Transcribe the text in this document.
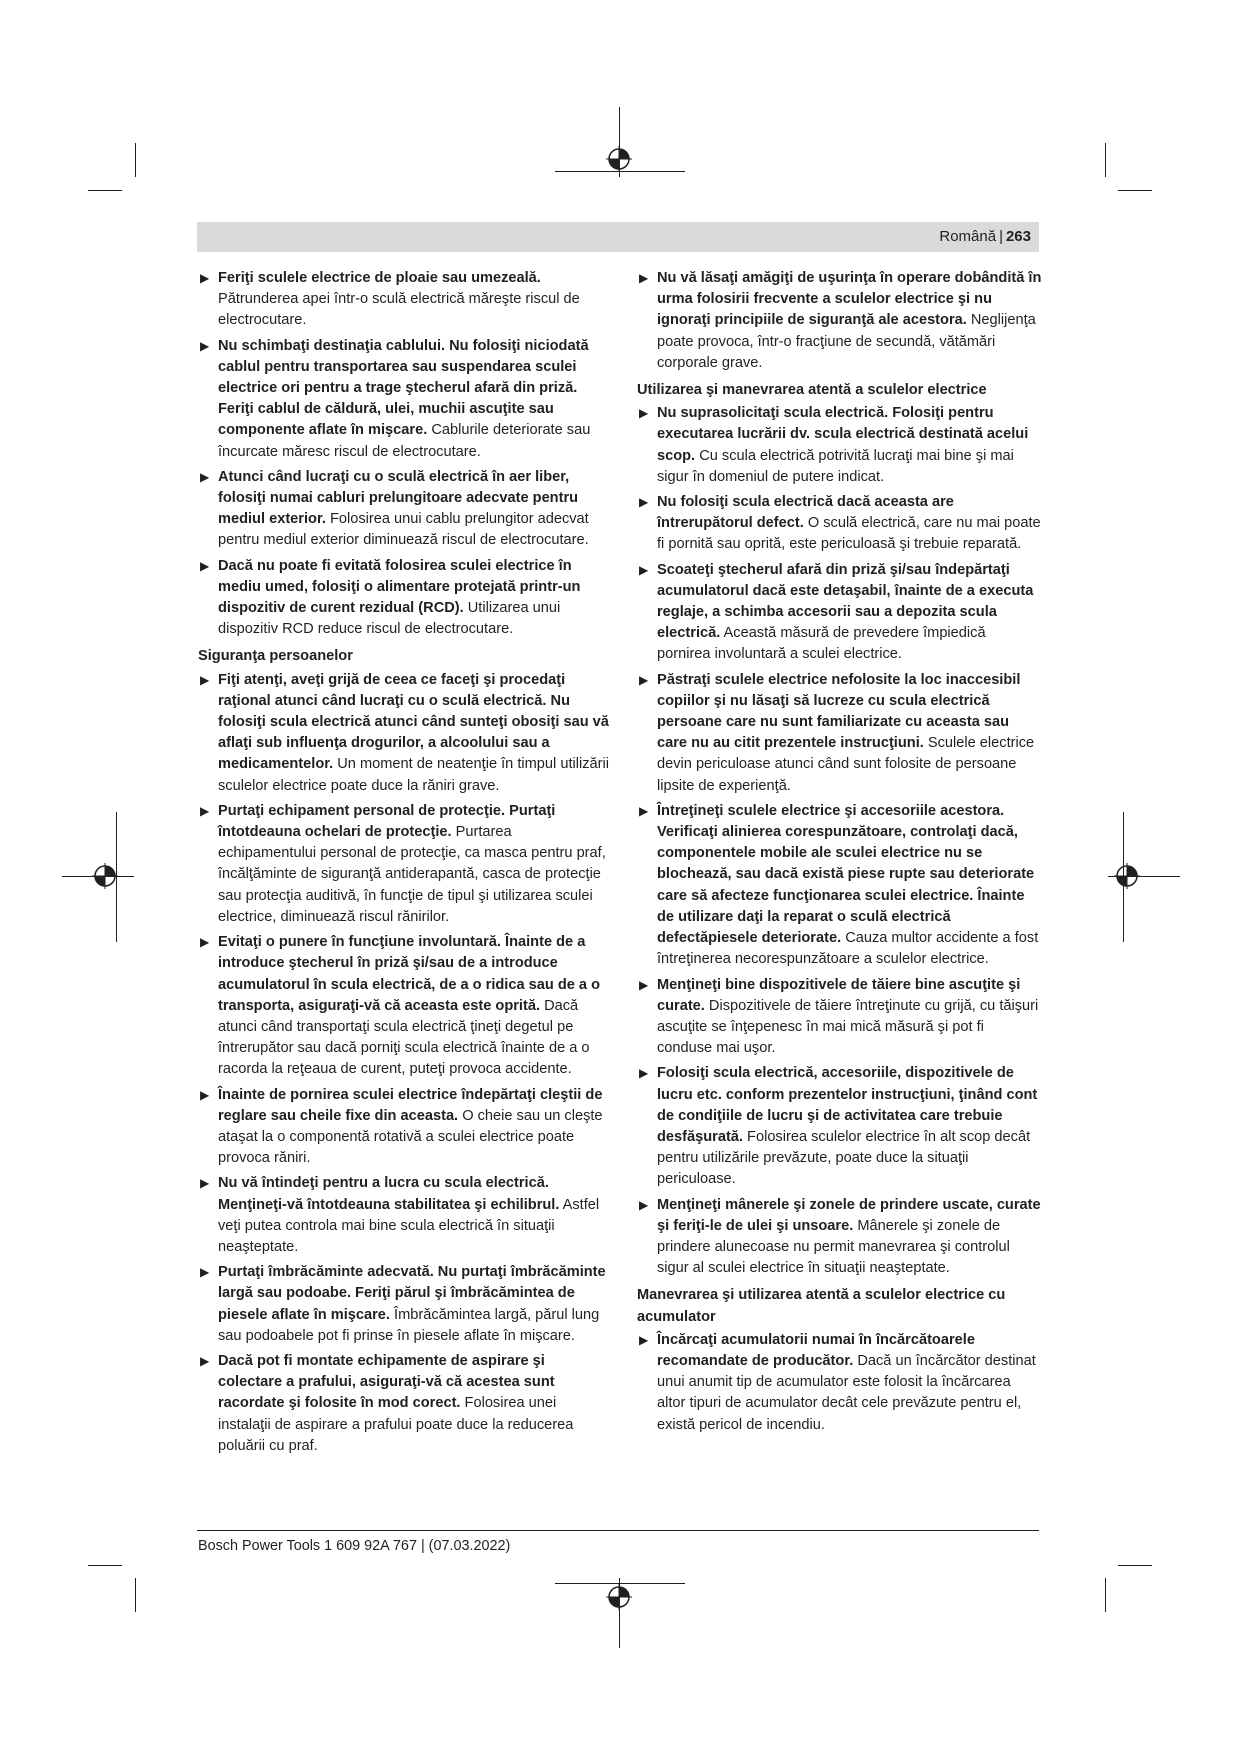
Română | 263
▶ Feriţi sculele electrice de ploaie sau umezeală. Pătrunderea apei într-o sculă electrică măreşte riscul de electrocutare.
▶ Nu schimbaţi destinaţia cablului. Nu folosiţi niciodată cablul pentru transportarea sau suspendarea sculei electrice ori pentru a trage ştecherul afară din priză. Feriţi cablul de căldură, ulei, muchii ascuţite sau componente aflate în mişcare. Cablurile deteriorate sau încurcate măresc riscul de electrocutare.
▶ Atunci când lucraţi cu o sculă electrică în aer liber, folosiţi numai cabluri prelungitoare adecvate pentru mediul exterior. Folosirea unui cablu prelungitor adecvat pentru mediul exterior diminuează riscul de electrocutare.
▶ Dacă nu poate fi evitată folosirea sculei electrice în mediu umed, folosiţi o alimentare protejată printr-un dispozitiv de curent rezidual (RCD). Utilizarea unui dispozitiv RCD reduce riscul de electrocutare.
Siguranţa persoanelor
▶ Fiţi atenţi, aveţi grijă de ceea ce faceţi şi procedaţi raţional atunci când lucraţi cu o sculă electrică. Nu folosiţi scula electrică atunci când sunteţi obosiţi sau vă aflaţi sub influenţa drogurilor, a alcoolului sau a medicamentelor. Un moment de neatenţie în timpul utilizării sculelor electrice poate duce la răniri grave.
▶ Purtaţi echipament personal de protecţie. Purtaţi întotdeauna ochelari de protecţie. Purtarea echipamentului personal de protecţie, ca masca pentru praf, încălţăminte de siguranţă antiderapantă, casca de protecţie sau protecţia auditivă, în funcţie de tipul şi utilizarea sculei electrice, diminuează riscul rănirilor.
▶ Evitaţi o punere în funcţiune involuntară. Înainte de a introduce ştecherul în priză şi/sau de a introduce acumulatorul în scula electrică, de a o ridica sau de a o transporta, asiguraţi-vă că aceasta este oprită. Dacă atunci când transportaţi scula electrică ţineţi degetul pe întrerupător sau dacă porniţi scula electrică înainte de a o racorda la reţeaua de curent, puteţi provoca accidente.
▶ Înainte de pornirea sculei electrice îndepărtaţi cleştii de reglare sau cheile fixe din aceasta. O cheie sau un cleşte ataşat la o componentă rotativă a sculei electrice poate provoca răniri.
▶ Nu vă întindeţi pentru a lucra cu scula electrică. Menţineţi-vă întotdeauna stabilitatea şi echilibrul. Astfel veţi putea controla mai bine scula electrică în situaţii neaşteptate.
▶ Purtaţi îmbrăcăminte adecvată. Nu purtaţi îmbrăcăminte largă sau podoabe. Feriţi părul şi îmbrăcămintea de piesele aflate în mişcare. Îmbrăcămintea largă, părul lung sau podoabele pot fi prinse în piesele aflate în mişcare.
▶ Dacă pot fi montate echipamente de aspirare şi colectare a prafului, asiguraţi-vă că acestea sunt racordate şi folosite în mod corect. Folosirea unei instalaţii de aspirare a prafului poate duce la reducerea poluării cu praf.
▶ Nu vă lăsaţi amăgiţi de uşurinţa în operare dobândită în urma folosirii frecvente a sculelor electrice şi nu ignoraţi principiile de siguranţă ale acestora. Neglijenţa poate provoca, într-o fracţiune de secundă, vătămări corporale grave.
Utilizarea şi manevrarea atentă a sculelor electrice
▶ Nu suprasolicitaţi scula electrică. Folosiţi pentru executarea lucrării dv. scula electrică destinată acelui scop. Cu scula electrică potrivită lucraţi mai bine şi mai sigur în domeniul de putere indicat.
▶ Nu folosiţi scula electrică dacă aceasta are întrerupătorul defect. O sculă electrică, care nu mai poate fi pornită sau oprită, este periculoasă şi trebuie reparată.
▶ Scoateţi ştecherul afară din priză şi/sau îndepărtaţi acumulatorul dacă este detaşabil, înainte de a executa reglaje, a schimba accesorii sau a depozita scula electrică. Această măsură de prevedere împiedică pornirea involuntară a sculei electrice.
▶ Păstraţi sculele electrice nefolosite la loc inaccesibil copiilor şi nu lăsaţi să lucreze cu scula electrică persoane care nu sunt familiarizate cu aceasta sau care nu au citit prezentele instrucţiuni. Sculele electrice devin periculoase atunci când sunt folosite de persoane lipsite de experienţă.
▶ Întreţineţi sculele electrice şi accesoriile acestora. Verificaţi alinierea corespunzătoare, controlaţi dacă, componentele mobile ale sculei electrice nu se blochează, sau dacă există piese rupte sau deteriorate care să afecteze funcţionarea sculei electrice. Înainte de utilizare daţi la reparat o sculă electrică defectăpiesele deteriorate. Cauza multor accidente a fost întreţinerea necorespunzătoare a sculelor electrice.
▶ Menţineţi bine dispozitivele de tăiere bine ascuţite şi curate. Dispozitivele de tăiere întreţinute cu grijă, cu tăişuri ascuţite se înţepenesc în mai mică măsură şi pot fi conduse mai uşor.
▶ Folosiţi scula electrică, accesoriile, dispozitivele de lucru etc. conform prezentelor instrucţiuni, ţinând cont de condiţiile de lucru şi de activitatea care trebuie desfăşurată. Folosirea sculelor electrice în alt scop decât pentru utilizările prevăzute, poate duce la situaţii periculoase.
▶ Menţineţi mânerele şi zonele de prindere uscate, curate şi feriţi-le de ulei şi unsoare. Mânerele şi zonele de prindere alunecoase nu permit manevrarea şi controlul sigur al sculei electrice în situaţii neaşteptate.
Manevrarea şi utilizarea atentă a sculelor electrice cu acumulator
▶ Încărcaţi acumulatorii numai în încărcătoarele recomandate de producător. Dacă un încărcător destinat unui anumit tip de acumulator este folosit la încărcarea altor tipuri de acumulator decât cele prevăzute pentru el, există pericol de incendiu.
Bosch Power Tools 1 609 92A 767 | (07.03.2022)
